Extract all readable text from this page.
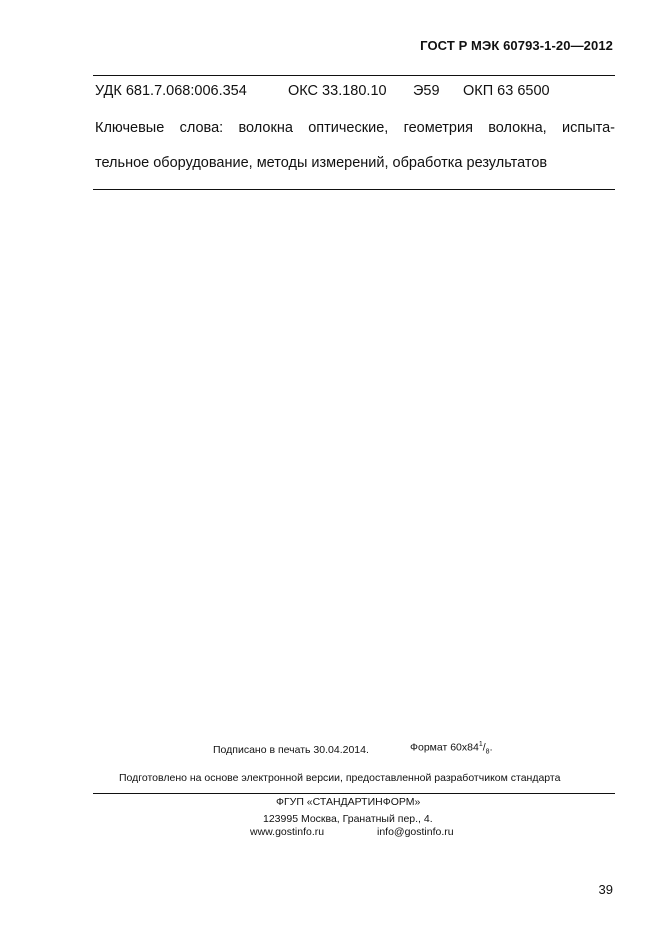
ГОСТ Р МЭК 60793-1-20—2012
УДК 681.7.068:006.354	ОКС 33.180.10 Э59 ОКП 63 6500
Ключевые слова: волокна оптические, геометрия волокна, испыта-
тельное оборудование, методы измерений, обработка результатов
Подписано в печать 30.04.2014.	Формат $60x84^1/_8$.
Подготовлено на основе электронной версии, предоставленной разработчиком стандарта
ФГУП «СТАНДАРТИНФОРМ»
123995 Москва, Гранатный пер., 4.
www.gostinfo.ru	info@gostinfo.ru
39
